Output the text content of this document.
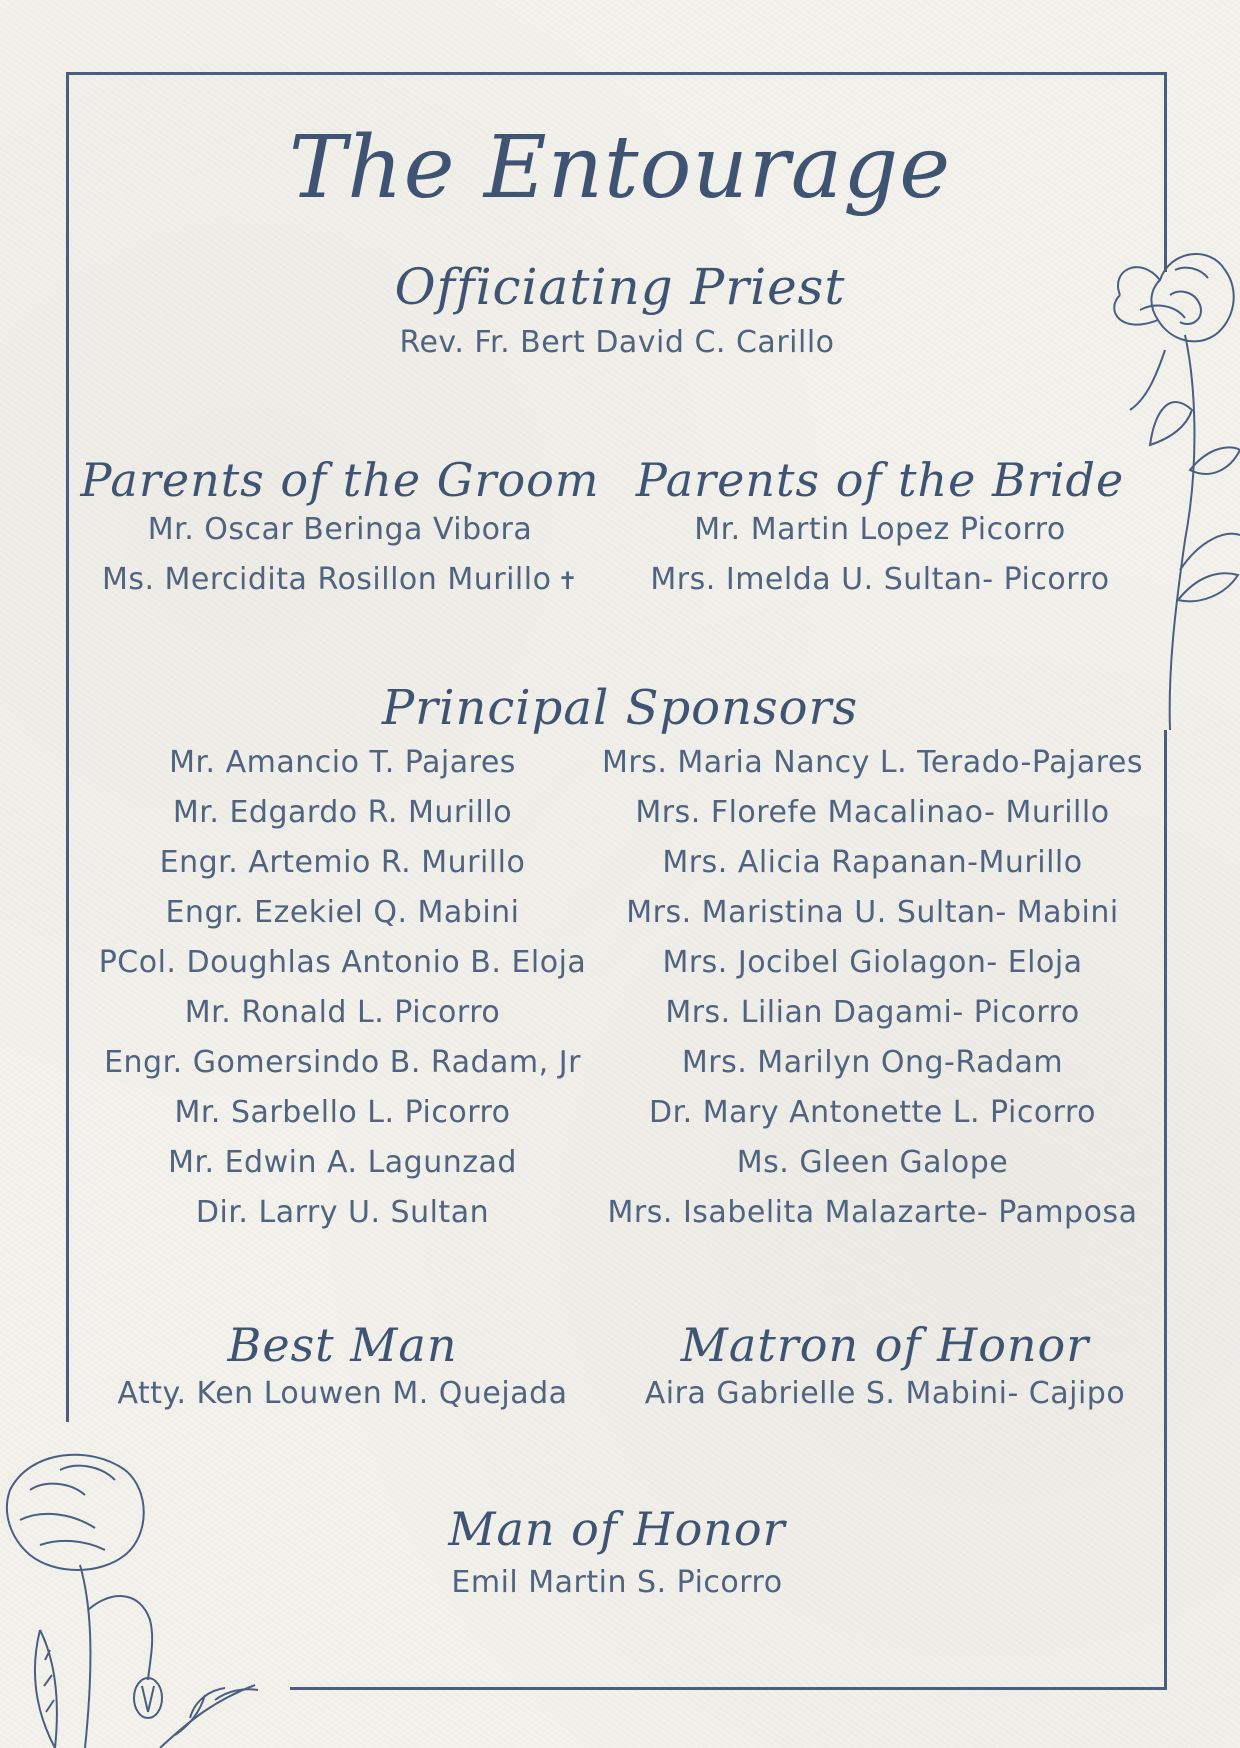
The Entourage
Officiating Priest
Rev. Fr. Bert David C. Carillo
Parents of the Groom
Mr. Oscar Beringa Vibora
Ms. Mercidita Rosillon Murillo ✝
Parents of the Bride
Mr. Martin Lopez Picorro
Mrs. Imelda U. Sultan- Picorro
Principal Sponsors
Mr. Amancio T. Pajares
Mr. Edgardo R. Murillo
Engr. Artemio R. Murillo
Engr. Ezekiel Q. Mabini
PCol. Doughlas Antonio B. Eloja
Mr. Ronald L. Picorro
Engr. Gomersindo B. Radam, Jr
Mr. Sarbello L. Picorro
Mr. Edwin A. Lagunzad
Dir. Larry U. Sultan
Mrs. Maria Nancy L. Terado-Pajares
Mrs. Florefe Macalinao- Murillo
Mrs. Alicia Rapanan-Murillo
Mrs. Maristina U. Sultan- Mabini
Mrs. Jocibel Giolagon- Eloja
Mrs. Lilian Dagami- Picorro
Mrs. Marilyn Ong-Radam
Dr. Mary Antonette L. Picorro
Ms. Gleen Galope
Mrs. Isabelita Malazarte- Pamposa
Best Man
Atty. Ken Louwen M. Quejada
Matron of Honor
Aira Gabrielle S. Mabini- Cajipo
Man of Honor
Emil Martin S. Picorro
